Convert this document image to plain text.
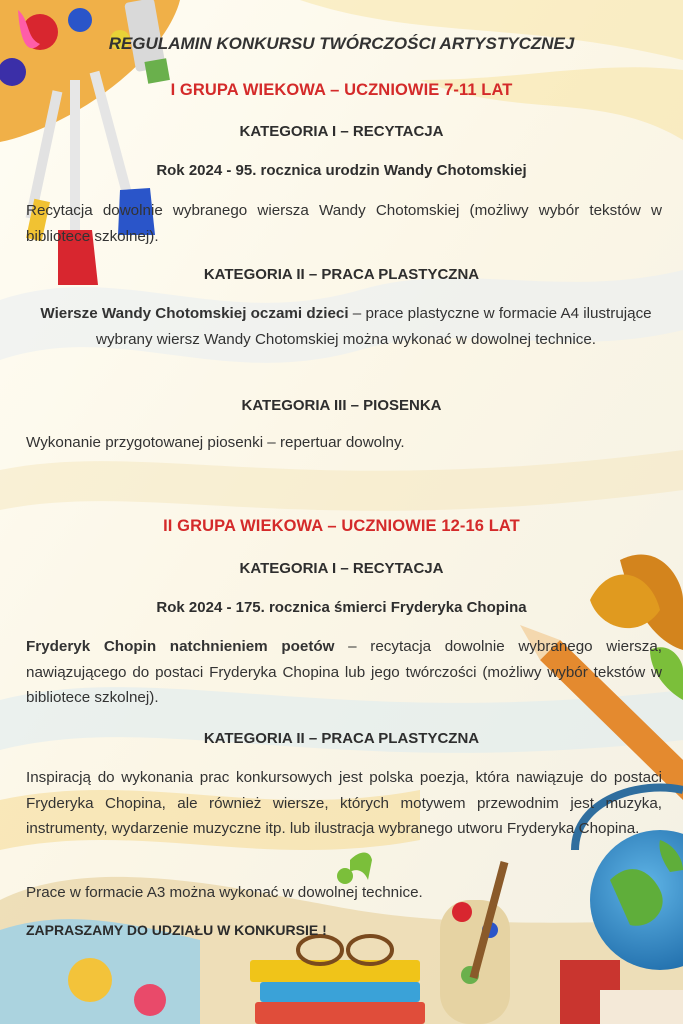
REGULAMIN KONKURSU TWÓRCZOŚCI ARTYSTYCZNEJ

I GRUPA WIEKOWA – UCZNIOWIE 7-11 LAT

KATEGORIA I – RECYTACJA

Rok 2024 - 95. rocznica urodzin Wandy Chotomskiej

Recytacja dowolnie wybranego wiersza Wandy Chotomskiej (możliwy wybór tekstów w bibliotece szkolnej).

KATEGORIA II – PRACA PLASTYCZNA

Wiersze Wandy Chotomskiej oczami dzieci – prace plastyczne w formacie A4 ilustrujące wybrany wiersz Wandy Chotomskiej można wykonać w dowolnej technice.

KATEGORIA III – PIOSENKA

Wykonanie przygotowanej piosenki – repertuar dowolny.

II GRUPA WIEKOWA – UCZNIOWIE 12-16 LAT

KATEGORIA I – RECYTACJA

Rok 2024 - 175. rocznica śmierci Fryderyka Chopina

Fryderyk Chopin natchnieniem poetów – recytacja dowolnie wybranego wiersza, nawiązującego do postaci Fryderyka Chopina lub jego twórczości (możliwy wybór tekstów w bibliotece szkolnej).

KATEGORIA II – PRACA PLASTYCZNA

Inspiracją do wykonania prac konkursowych jest polska poezja, która nawiązuje do postaci Fryderyka Chopina, ale również wiersze, których motywem przewodnim jest muzyka, instrumenty, wydarzenie muzyczne itp. lub ilustracja wybranego utworu Fryderyka Chopina.

Prace w formacie A3 można wykonać w dowolnej technice.

ZAPRASZAMY DO UDZIAŁU W KONKURSIE !
